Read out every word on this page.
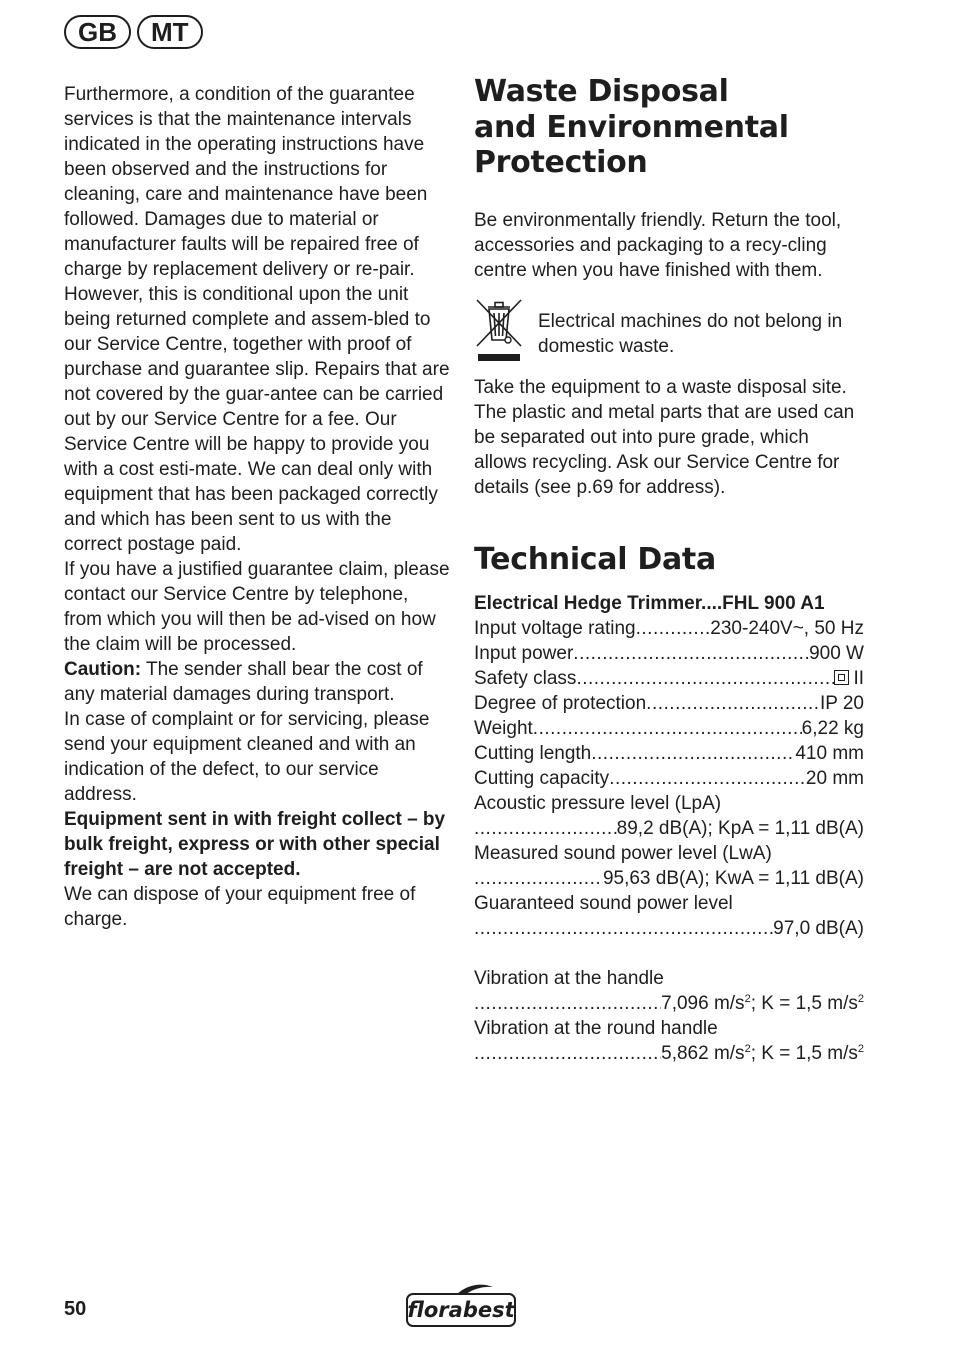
GB	MT

Furthermore, a condition of the guarantee services is that the maintenance intervals indicated in the operating instructions have been observed and the instructions for cleaning, care and maintenance have been followed. Damages due to material or manufacturer faults will be repaired free of charge by replacement delivery or re-pair. However, this is conditional upon the unit being returned complete and assem-bled to our Service Centre, together with proof of purchase and guarantee slip. Repairs that are not covered by the guar-antee can be carried out by our Service Centre for a fee. Our Service Centre will be happy to provide you with a cost esti-mate. We can deal only with equipment that has been packaged correctly and which has been sent to us with the correct postage paid.

If you have a justified guarantee claim, please contact our Service Centre by telephone, from which you will then be ad-vised on how the claim will be processed.

Caution: The sender shall bear the cost of any material damages during transport.

In case of complaint or for servicing, please send your equipment cleaned and with an indication of the defect, to our service address.

Equipment sent in with freight collect – by bulk freight, express or with other special freight – are not accepted.

We can dispose of your equipment free of charge.

Waste Disposal
and Environmental
Protection

Be environmentally friendly. Return the tool, accessories and packaging to a recy-cling centre when you have finished with them.

Electrical machines do not belong in domestic waste.

Take the equipment to a waste disposal site. The plastic and metal parts that are used can be separated out into pure grade, which allows recycling. Ask our Service Centre for details (see p.69 for address).

Technical Data
Electrical Hedge Trimmer....FHL 900 A1
Input voltage rating .....	230-240V~, 50 Hz
Input power .....	900 W
Safety class .....	II
Degree of protection .....	IP 20
Weight .....	6,22 kg
Cutting length .....	410 mm
Cutting capacity .....	20 mm
Acoustic pressure level (LpA)
.....
89,2 dB(A); KpA = 1,11 dB(A)
Measured sound power level (LwA)
.....
95,63 dB(A); KwA = 1,11 dB(A)
Guaranteed sound power level
.....
97,0 dB(A)
Vibration at the handle
.....
7,096 $m/s^2$; K = 1,5 $m/s^2$
Vibration at the round handle
.....
5,862 $m/s^2$; K = 1,5 $m/s^2$
50	florabest
